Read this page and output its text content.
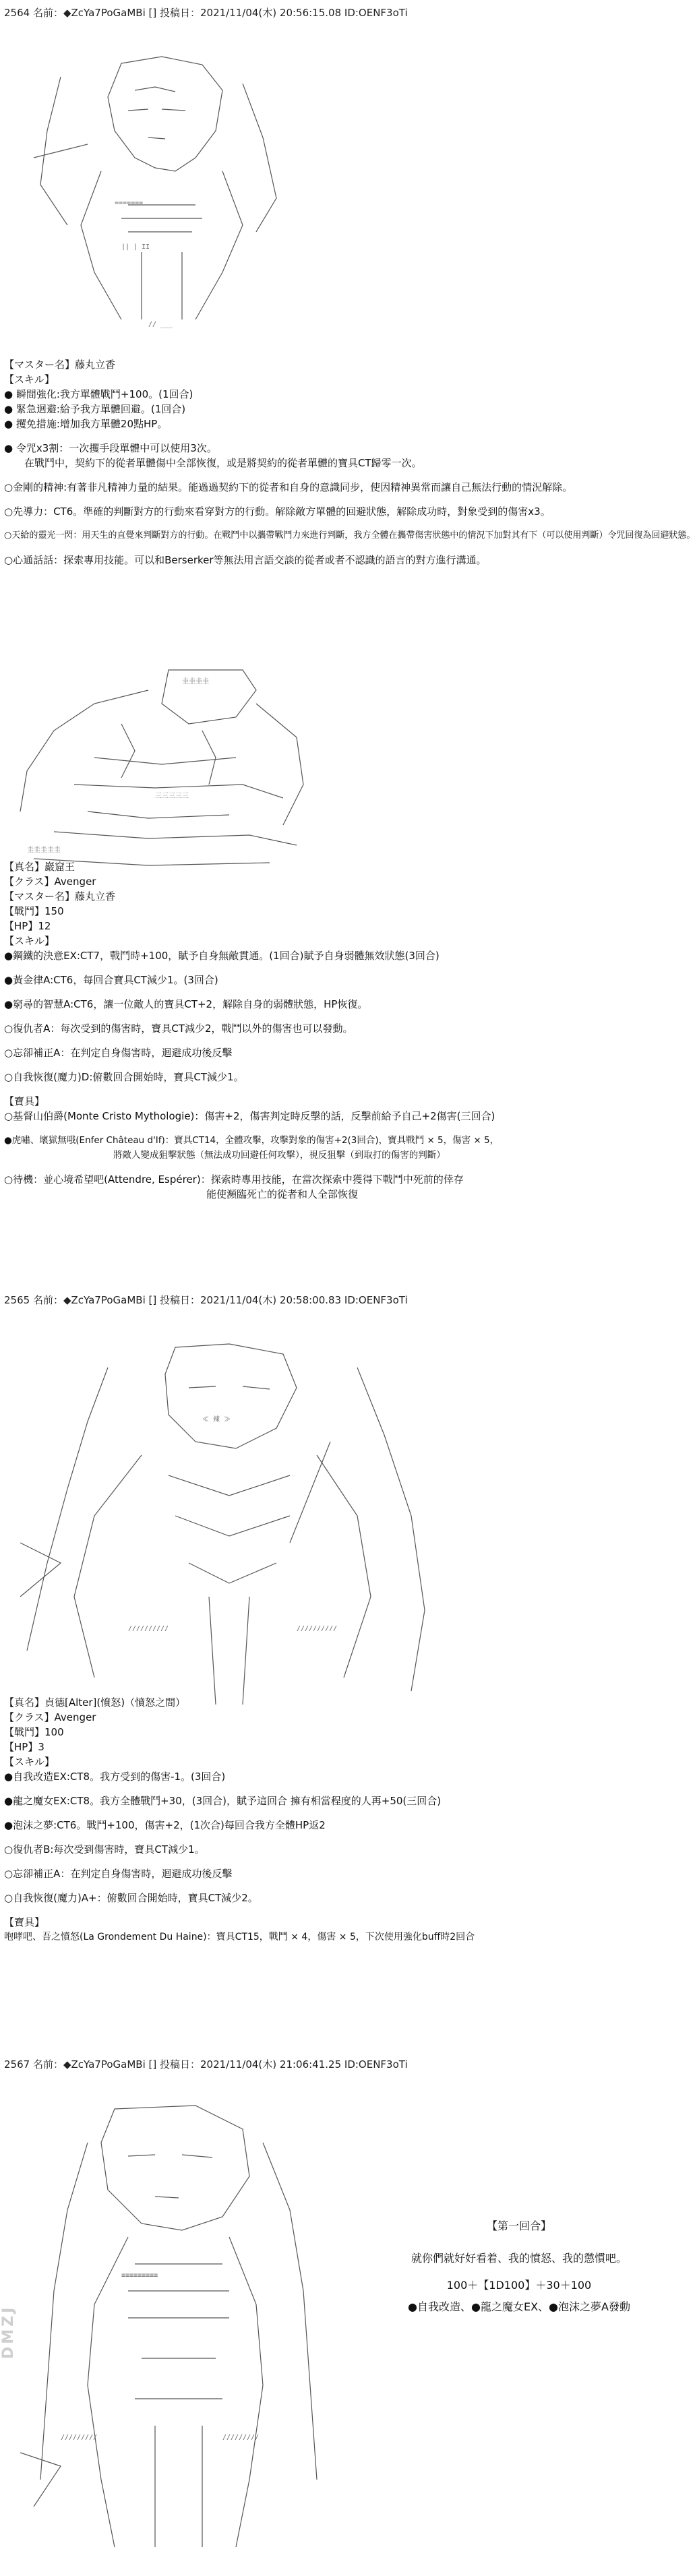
2564 名前：◆ZcYa7PoGaMBi [] 投稿日：2021/11/04(木) 20:56:15.08 ID:OENF3oTi

=======
|| | II
// ___

【マスター名】藤丸立香

【スキル】

● 瞬間強化:我方單體戰鬥+100。(1回合)

● 緊急迴避:給予我方單體回避。(1回合)

● 攫免措施:增加我方單體20點HP。

● 令咒x3割：一次攫手段單體中可以使用3次。

　　在戰鬥中，契約下的從者單體傷中全部恢復，或是將契約的從者單體的寶具CT歸零一次。

○金剛的精神:有著非凡精神力量的結果。能過過契約下的從者和自身的意識同步，使因精神異常而讓自己無法行動的情況解除。

○先導力：CT6。準確的判斷對方的行動來看穿對方的行動。解除敵方單體的回避狀態，解除成功時，對象受到的傷害x3。

○天給的靈光一閃：用天生的直覺來判斷對方的行動。在戰鬥中以攜帶戰鬥力來進行判斷，我方全體在攜帶傷害狀態中的情況下加對其有下（可以使用判斷）令咒回復為回避狀態。

○心通話話：探索專用技能。可以和Berserker等無法用言語交談的從者或者不認識的語言的對方進行溝通。

圭圭圭圭
三三三三三
圭圭圭圭圭

【真名】巖窟王

【クラス】Avenger

【マスター名】藤丸立香

【戰鬥】150

【HP】12

【スキル】

●鋼鐵的決意EX:CT7，戰鬥時+100，賦予自身無敵貫通。(1回合)賦予自身弱體無效狀態(3回合)

●黃金律A:CT6，每回合寶具CT減少1。(3回合)

●窮尋的智慧A:CT6，讓一位敵人的寶具CT+2，解除自身的弱體狀態，HP恢復。

○復仇者A：每次受到的傷害時，寶具CT減少2，戰鬥以外的傷害也可以發動。

○忘卻補正A：在判定自身傷害時，迴避成功後反擊

○自我恢復(魔力)D:俯數回合開始時，寶具CT減少1。

【寶具】

○基督山伯爵(Monte Cristo Mythologie)：傷害+2，傷害判定時反擊的話，反擊前給予自己+2傷害(三回合)

●虎嘯、壞獄無哦(Enfer Château d'If)：寶具CT14，全體攻擊，攻擊對象的傷害+2(3回合)，寶具戰鬥 × 5，傷害 × 5，

　　　　　　　　　　　　將敵人變成狙擊狀態（無法成功回避任何攻擊），視反狙擊（到取打的傷害的判斷）

○待機：並心境希望吧(Attendre, Espérer)：探索時專用技能，在當次探索中獲得下戰鬥中死前的倖存

　　　　　　　　　　　　　　　　　　　　能使瀕臨死亡的從者和人全部恢復

2565 名前：◆ZcYa7PoGaMBi [] 投稿日：2021/11/04(木) 20:58:00.83 ID:OENF3oTi

≪ 辣 ≫
//////////	//////////

【真名】貞德[Alter](憤怒)（憤怒之間）

【クラス】Avenger

【戰鬥】100

【HP】3

【スキル】

●自我改造EX:CT8。我方受到的傷害-1。(3回合)

●龍之魔女EX:CT8。我方全體戰鬥+30，(3回合)，賦予這回合 擁有相當程度的人再+50(三回合)

●泡沫之夢:CT6。戰鬥+100，傷害+2，(1次合)每回合我方全體HP返2

○復仇者B:每次受到傷害時，寶具CT減少1。

○忘卻補正A：在判定自身傷害時，迴避成功後反擊

○自我恢復(魔力)A+：俯數回合開始時，寶具CT減少2。

【寶具】

咆哮吧、吾之憤怒(La Grondement Du Haine)：寶具CT15，戰鬥 × 4，傷害 × 5，下次使用強化buff時2回合

2567 名前：◆ZcYa7PoGaMBi [] 投稿日：2021/11/04(木) 21:06:41.25 ID:OENF3oTi

≡≡≡≡≡≡≡≡≡
/////////	/////////

【第一回合】

就你們就好好看着、我的憤怒、我的懲慣吧。

100＋【1D100】＋30＋100

●自我改造、●龍之魔女EX、●泡沫之夢A發動

DMZJ
